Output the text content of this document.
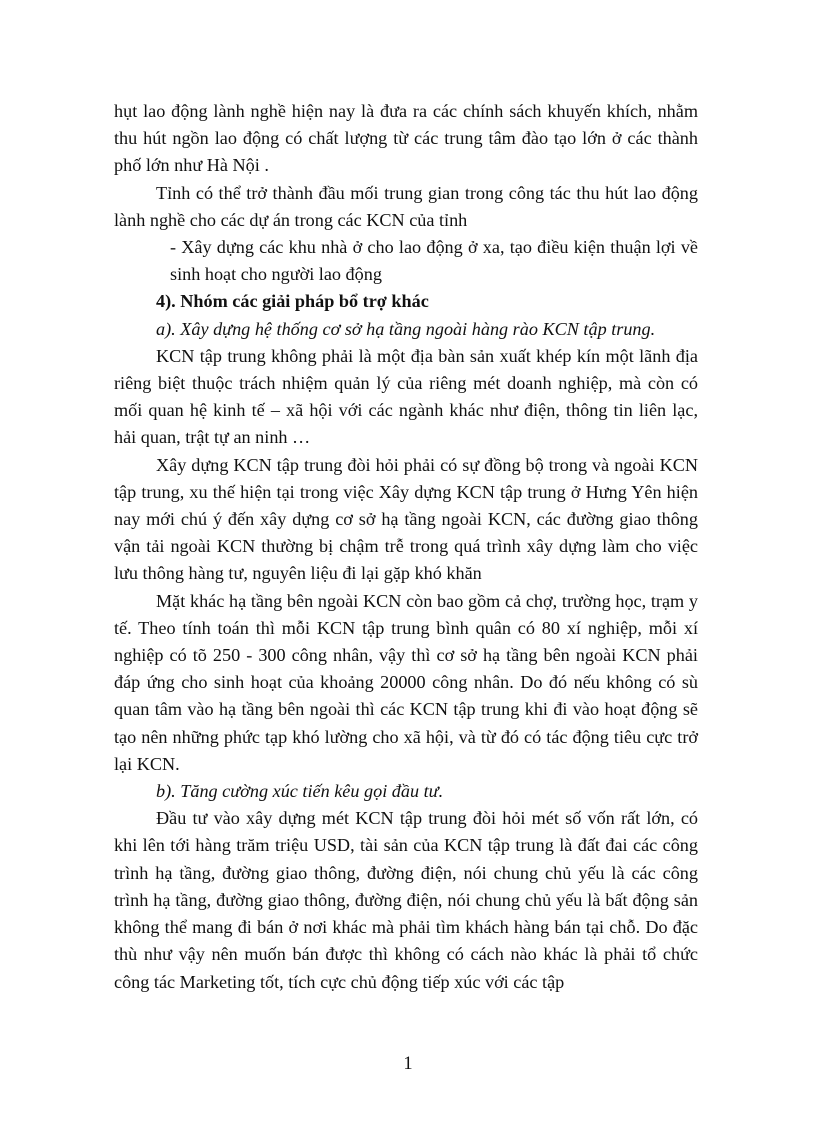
hụt lao động lành nghề hiện nay là đưa ra các chính sách khuyến khích, nhằm thu hút ngồn lao động có chất lượng từ các trung tâm đào tạo lớn ở các thành phố lớn như Hà Nội .

Tỉnh có thể trở thành đầu mối trung gian trong công tác thu hút lao động lành nghề cho các dự án trong các KCN của tỉnh

- Xây dựng các khu nhà ở cho lao động ở xa, tạo điều kiện thuận lợi về sinh hoạt cho người lao động

4). Nhóm các giải pháp bổ trợ khác

a). Xây dựng hệ thống cơ sở hạ tầng ngoài hàng rào KCN tập trung.

KCN tập trung không phải là một địa bàn sản xuất khép kín một lãnh địa riêng biệt thuộc trách nhiệm quản lý của riêng mét doanh nghiệp, mà còn có mối quan hệ kinh tế – xã hội với các ngành khác như điện, thông tin liên lạc, hải quan, trật tự an ninh …

Xây dựng KCN tập trung đòi hỏi phải có sự đồng bộ trong và ngoài KCN tập trung, xu thế hiện tại trong việc Xây dựng KCN tập trung ở Hưng Yên hiện nay mới chú ý đến xây dựng cơ sở hạ tầng ngoài KCN, các đường giao thông vận tải ngoài KCN thường bị chậm trễ trong quá trình xây dựng làm cho việc lưu thông hàng tư, nguyên liệu đi lại gặp khó khăn

Mặt khác hạ tầng bên ngoài KCN còn bao gồm cả chợ, trường học, trạm y tế. Theo tính toán thì mỗi KCN tập trung bình quân có 80 xí nghiệp, mỗi xí nghiệp có tõ 250 - 300 công nhân, vậy thì cơ sở hạ tầng bên ngoài KCN phải đáp ứng cho sinh hoạt của khoảng 20000 công nhân. Do đó nếu không có sù quan tâm vào hạ tầng bên ngoài thì các KCN tập trung khi đi vào hoạt động sẽ tạo nên những phức tạp khó lường cho xã hội, và từ đó có tác động tiêu cực trở lại KCN.

b). Tăng cường xúc tiến kêu gọi đầu tư.

Đầu tư vào xây dựng mét KCN tập trung đòi hỏi mét số vốn rất lớn, có khi lên tới hàng trăm triệu USD, tài sản của KCN tập trung là đất đai các công trình hạ tầng, đường giao thông, đường điện, nói chung chủ yếu là các công trình hạ tầng, đường giao thông, đường điện, nói chung chủ yếu là bất động sản không thể mang đi bán ở nơi khác mà phải tìm khách hàng bán tại chỗ. Do đặc thù như vậy nên muốn bán được thì không có cách nào khác là phải tổ chức công tác Marketing tốt, tích cực chủ động tiếp xúc với các tập

1
